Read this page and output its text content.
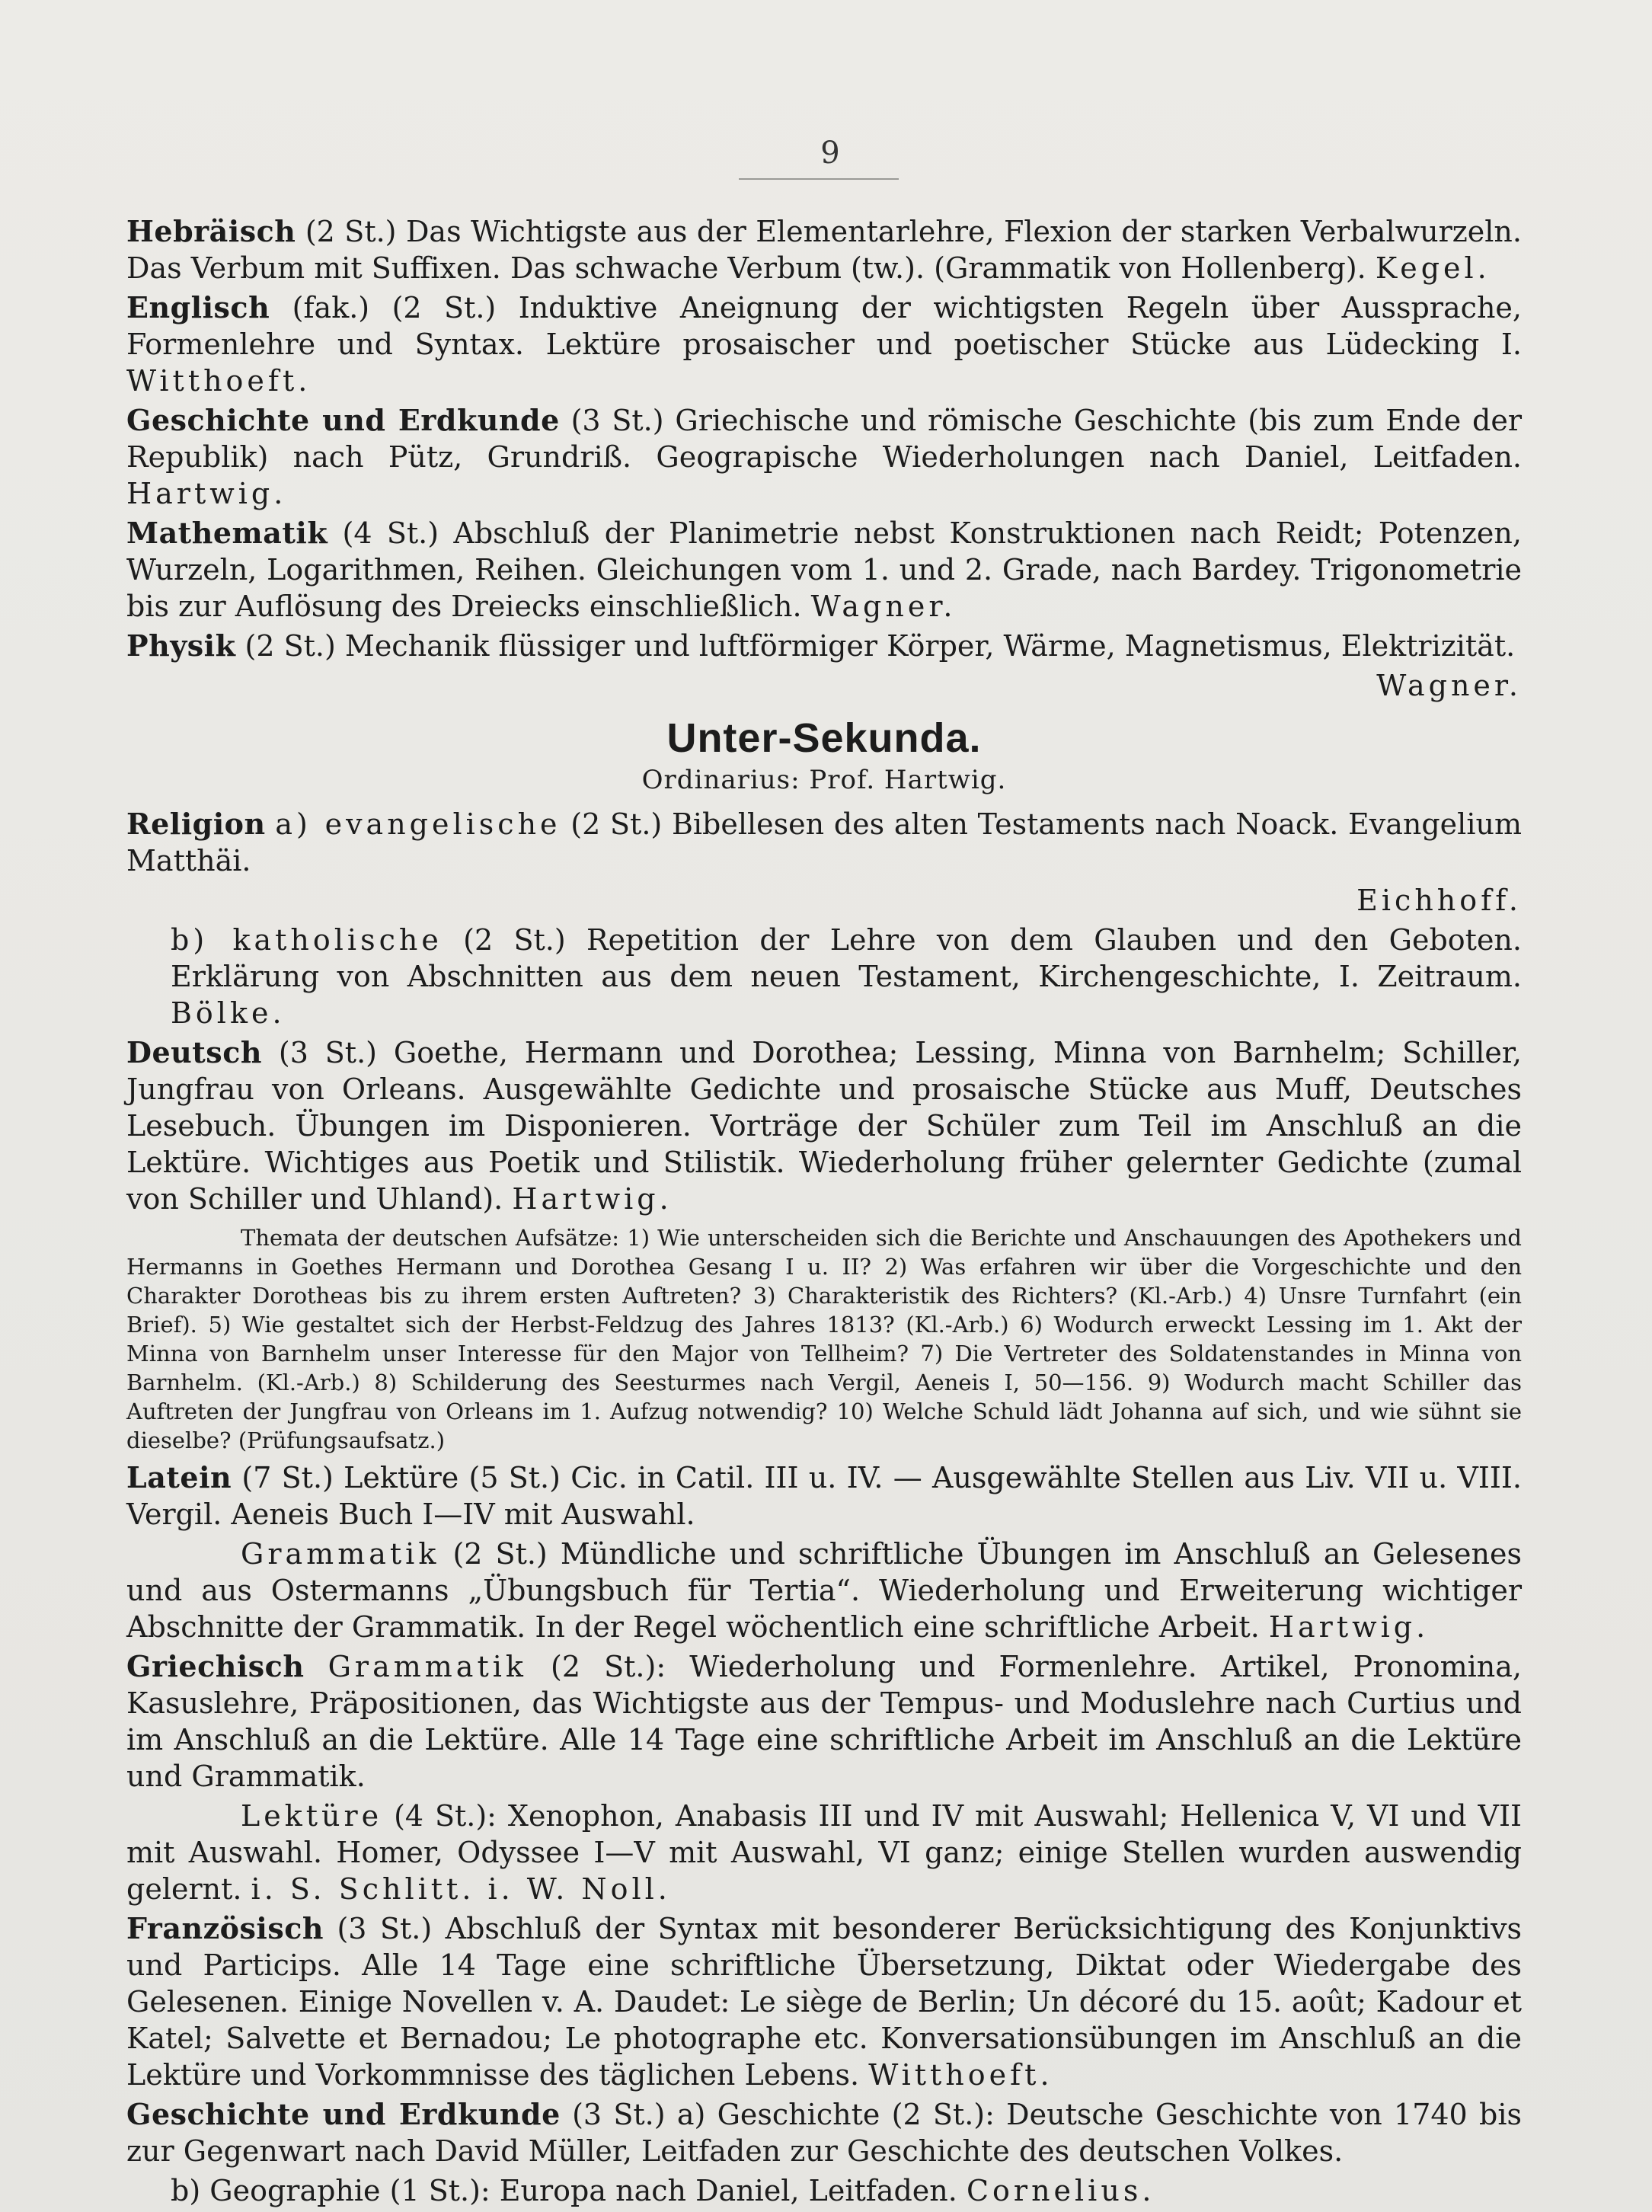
9

Hebräisch (2 St.) Das Wichtigste aus der Elementarlehre, Flexion der starken Verbalwurzeln. Das Verbum mit Suffixen. Das schwache Verbum (tw.). (Grammatik von Hollenberg). Kegel.

Englisch (fak.) (2 St.) Induktive Aneignung der wichtigsten Regeln über Aussprache, Formenlehre und Syntax. Lektüre prosaischer und poetischer Stücke aus Lüdecking I. Witthoeft.

Geschichte und Erdkunde (3 St.) Griechische und römische Geschichte (bis zum Ende der Republik) nach Pütz, Grundriß. Geograpische Wiederholungen nach Daniel, Leitfaden. Hartwig.

Mathematik (4 St.) Abschluß der Planimetrie nebst Konstruktionen nach Reidt; Potenzen, Wurzeln, Logarithmen, Reihen. Gleichungen vom 1. und 2. Grade, nach Bardey. Trigonometrie bis zur Auflösung des Dreiecks einschließlich. Wagner.

Physik (2 St.) Mechanik flüssiger und luftförmiger Körper, Wärme, Magnetismus, Elektrizität.

Wagner.

Unter-Sekunda.
Ordinarius: Prof. Hartwig.

Religion a) evangelische (2 St.) Bibellesen des alten Testaments nach Noack. Evangelium Matthäi.

Eichhoff.

b) katholische (2 St.) Repetition der Lehre von dem Glauben und den Geboten. Erklärung von Abschnitten aus dem neuen Testament, Kirchengeschichte, I. Zeitraum. Bölke.

Deutsch (3 St.) Goethe, Hermann und Dorothea; Lessing, Minna von Barnhelm; Schiller, Jungfrau von Orleans. Ausgewählte Gedichte und prosaische Stücke aus Muff, Deutsches Lesebuch. Übungen im Disponieren. Vorträge der Schüler zum Teil im Anschluß an die Lektüre. Wichtiges aus Poetik und Stilistik. Wiederholung früher gelernter Gedichte (zumal von Schiller und Uhland). Hartwig.

Themata der deutschen Aufsätze: 1) Wie unterscheiden sich die Berichte und Anschauungen des Apothekers und Hermanns in Goethes Hermann und Dorothea Gesang I u. II? 2) Was erfahren wir über die Vorgeschichte und den Charakter Dorotheas bis zu ihrem ersten Auftreten? 3) Charakteristik des Richters? (Kl.-Arb.) 4) Unsre Turnfahrt (ein Brief). 5) Wie gestaltet sich der Herbst-Feldzug des Jahres 1813? (Kl.-Arb.) 6) Wodurch erweckt Lessing im 1. Akt der Minna von Barnhelm unser Interesse für den Major von Tellheim? 7) Die Vertreter des Soldatenstandes in Minna von Barnhelm. (Kl.-Arb.) 8) Schilderung des Seesturmes nach Vergil, Aeneis I, 50—156. 9) Wodurch macht Schiller das Auftreten der Jungfrau von Orleans im 1. Aufzug notwendig? 10) Welche Schuld lädt Johanna auf sich, und wie sühnt sie dieselbe? (Prüfungsaufsatz.)

Latein (7 St.) Lektüre (5 St.) Cic. in Catil. III u. IV. — Ausgewählte Stellen aus Liv. VII u. VIII. Vergil. Aeneis Buch I—IV mit Auswahl.

Grammatik (2 St.) Mündliche und schriftliche Übungen im Anschluß an Gelesenes und aus Ostermanns „Übungsbuch für Tertia“. Wiederholung und Erweiterung wichtiger Abschnitte der Grammatik. In der Regel wöchentlich eine schriftliche Arbeit. Hartwig.

Griechisch Grammatik (2 St.): Wiederholung und Formenlehre. Artikel, Pronomina, Kasuslehre, Präpositionen, das Wichtigste aus der Tempus- und Moduslehre nach Curtius und im Anschluß an die Lektüre. Alle 14 Tage eine schriftliche Arbeit im Anschluß an die Lektüre und Grammatik.

Lektüre (4 St.): Xenophon, Anabasis III und IV mit Auswahl; Hellenica V, VI und VII mit Auswahl. Homer, Odyssee I—V mit Auswahl, VI ganz; einige Stellen wurden auswendig gelernt. i. S. Schlitt. i. W. Noll.

Französisch (3 St.) Abschluß der Syntax mit besonderer Berücksichtigung des Konjunktivs und Particips. Alle 14 Tage eine schriftliche Übersetzung, Diktat oder Wiedergabe des Gelesenen. Einige Novellen v. A. Daudet: Le siège de Berlin; Un décoré du 15. août; Kadour et Katel; Salvette et Bernadou; Le photographe etc. Konversationsübungen im Anschluß an die Lektüre und Vorkommnisse des täglichen Lebens. Witthoeft.

Geschichte und Erdkunde (3 St.) a) Geschichte (2 St.): Deutsche Geschichte von 1740 bis zur Gegenwart nach David Müller, Leitfaden zur Geschichte des deutschen Volkes.

b) Geographie (1 St.): Europa nach Daniel, Leitfaden. Cornelius.
